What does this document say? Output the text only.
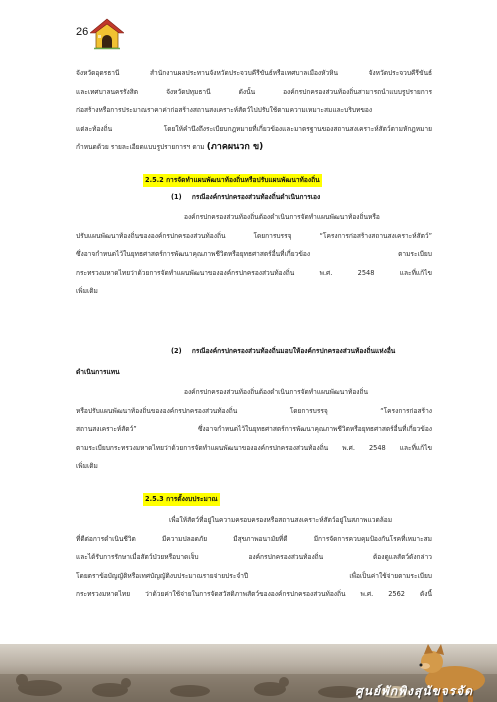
26
จังหวัดอุดรธานี สำนักงานผลประทานจังหวัดประจวบคีรีขันธ์หรือเทศบาลเมืองหัวหิน จังหวัดประจวบคีรีขันธ์
และเทศบาลนครรังสิต จังหวัดปทุมธานี ดังนั้น องค์กรปกครองส่วนท้องถิ่นสามารถนำแบบรูปรายการ
ก่อสร้างหรือการประมาณราคาค่าก่อสร้างสถานสงเคราะห์สัตว์ไปปรับใช้ตามความเหมาะสมและบริบทของ
แต่ละท้องถิ่น โดยให้คำนึงถึงระเบียบกฎหมายที่เกี่ยวข้องและมาตรฐานของสถานสงเคราะห์สัตว์ตามหักฎหมาย
กำหนดด้วย รายละเอียดแบบรูปรายการฯ ตาม (ภาคผนวก ข)
2.5.2 การจัดทำแผนพัฒนาท้องถิ่นหรือปรับแผนพัฒนาท้องถิ่น
(1) กรณีองค์กรปกครองส่วนท้องถิ่นดำเนินการเอง
องค์กรปกครองส่วนท้องถิ่นต้องดำเนินการจัดทำแผนพัฒนาท้องถิ่นหรือ
ปรับแผนพัฒนาท้องถิ่นขององค์กรปกครองส่วนท้องถิ่น โดยการบรรจุ “โครงการก่อสร้างสถานสงเคราะห์สัตว์”
ซึ่งอาจกำหนดไว้ในยุทธศาสตร์การพัฒนาคุณภาพชีวิตหรือยุทธศาสตร์อื่นที่เกี่ยวข้อง ตามระเบียบ
กระทรวงมหาดไทยว่าด้วยการจัดทำแผนพัฒนาขององค์กรปกครองส่วนท้องถิ่น พ.ศ. 2548 และที่แก้ไข
เพิ่มเติม
(2) กรณีองค์กรปกครองส่วนท้องถิ่นมอบให้องค์กรปกครองส่วนท้องถิ่นแห่งอื่น
ดำเนินการแทน
องค์กรปกครองส่วนท้องถิ่นต้องดำเนินการจัดทำแผนพัฒนาท้องถิ่น
หรือปรับแผนพัฒนาท้องถิ่นขององค์กรปกครองส่วนท้องถิ่น โดยการบรรจุ “โครงการก่อสร้าง
สถานสงเคราะห์สัตว์” ซึ่งอาจกำหนดไว้ในยุทธศาสตร์การพัฒนาคุณภาพชีวิตหรือยุทธศาสตร์อื่นที่เกี่ยวข้อง
ตามระเบียบกระทรวงมหาดไทยว่าด้วยการจัดทำแผนพัฒนาขององค์กรปกครองส่วนท้องถิ่น พ.ศ. 2548 และที่แก้ไข
เพิ่มเติม
2.5.3 การตั้งงบประมาณ
เพื่อให้สัตว์ที่อยู่ในความครอบครองหรือสถานสงเคราะห์สัตว์อยู่ในสภาพแวดล้อม
ที่ดีต่อการดำเนินชีวิต มีความปลอดภัย มีสุขภาพอนามัยที่ดี มีการจัดการควบคุมป้องกันโรคที่เหมาะสม
และได้รับการรักษาเมื่อสัตว์ป่วยหรือบาดเจ็บ องค์กรปกครองส่วนท้องถิ่น ต้องดูแลสัตว์ดังกล่าว
โดยตราข้อบัญญัติหรือเทศบัญญัติงบประมาณรายจ่ายประจำปี เพื่อเป็นค่าใช้จ่ายตามระเบียบ
กระทรวงมหาดไทย ว่าด้วยค่าใช้จ่ายในการจัดสวัสดิภาพสัตว์ขององค์กรปกครองส่วนท้องถิ่น พ.ศ. 2562 ดังนี้
ศูนย์พักพิงสุนัขจรจัด
